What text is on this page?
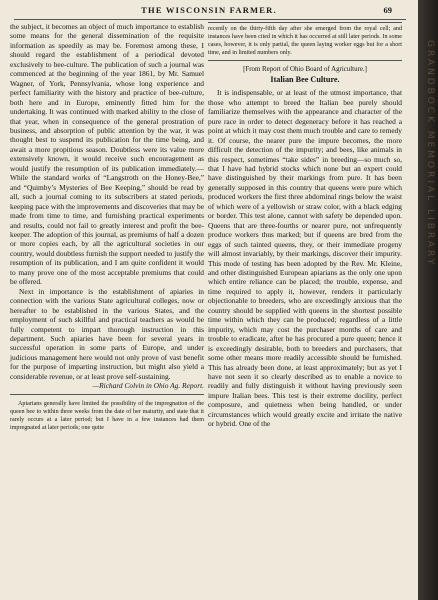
THE WISCONSIN FARMER.	69

the subject, it becomes an object of much importance to establish some means for the general dissemination of the requisite information as speedily as may be. Foremost among these, I should regard the establishment of a periodical devoted exclusively to bee-culture. The publication of such a journal was commenced at the beginning of the year 1861, by Mr. Samuel Wagner, of York, Pennsylvania, whose long experience and perfect familiarity with the history and practice of bee-culture, both here and in Europe, eminently fitted him for the undertaking. It was continued with marked ability to the close of that year, when in consequence of the general prostration of business, and absorption of public attention by the war, it was thought best to suspend its publication for the time being, and await a more propitious season. Doubtless were its value more extensively known, it would receive such encouragement as would justify the resumption of its publication immediately.—While the standard works of “Langstroth on the Honey-Bee,” and “Quimby’s Mysteries of Bee Keeping,” should be read by all, such a journal coming to its subscribers at stated periods, keeping pace with the improvements and discoveries that may be made from time to time, and furnishing practical experiments and results, could not fail to greatly interest and profit the bee-keeper. The adoption of this journal, as premiums of half a dozen or more copies each, by all the agricultural societies in our country, would doubtless furnish the support needed to justify the resumption of its publication, and I am quite confident it would to many prove one of the most acceptable premiums that could be offered.

Next in importance is the establishment of apiaries in connection with the various State agricultural colleges, now or hereafter to be established in the various States, and the employment of such skillful and practical teachers as would be fully competent to impart thorough instruction in this department. Such apiaries have been for several years in successful operation in some parts of Europe, and under judicious management here would not only prove of vast benefit for the purpose of imparting instruction, but might also yield a considerable revenue, or at least prove self-sustaining.

—Richard Colvin in Ohio Ag. Report.

Apiarians generally have limited the possibility of the impregnation of the queen bee to within three weeks from the date of her maturity, and state that it rarely occurs at a later period; but I have in a few instances had them impregnated at later periods; one quite

recently on the thirty-fifth day after she emerged from the royal cell; and instances have been cited in which it has occurred at still later periods. In some cases, however, it is only partial, the queen laying worker eggs but for a short time, and in limited numbers only.

[From Report of Ohio Board of Agriculture.]
Italian Bee Culture.

It is indispensable, or at least of the utmost importance, that those who attempt to breed the Italian bee purely should familiarize themselves with the appearance and character of the pure race in order to detect degeneracy before it has reached a point at which it may cost them much trouble and care to remedy it. Of course, the nearer pure the impure becomes, the more difficult the detection of the impurity; and bees, like animals in this respect, sometimes “take sides” in breeding—so much so, that I have had hybrid stocks which none but an expert could have distinguished by their markings from pure. It has been generally supposed in this country that queens were pure which produced workers the first three abdominal rings below the waist of which were of a yellowish or straw color, with a black edging or border. This test alone, cannot with safety be depended upon. Queens that are three-fourths or nearer pure, not unfrequently produce workers thus marked; but if queens are bred from the eggs of such tainted queens, they, or their immediate progeny will almost invariably, by their markings, discover their impurity. This mode of testing has been adopted by the Rev. Mr. Kleine, and other distinguished European apiarians as the only one upon which entire reliance can be placed; the trouble, expense, and time required to apply it, however, renders it particularly objectionable to breeders, who are exceedingly anxious that the country should be supplied with queens in the shortest possible time within which they can be produced; regardless of a little impurity, which may cost the purchaser months of care and trouble to eradicate, after he has procured a pure queen; hence it is exceedingly desirable, both to breeders and purchasers, that some other means more readily accessible should be furnished. This has already been done, at least approximately; but as yet I have not seen it so clearly described as to enable a novice to readily and fully distinguish it without having previously seen impure Italian bees. This test is their extreme docility, perfect composure, and quietness when being handled, or under circumstances which would greatly excite and irritate the native or hybrid. One of the

GRANDBOCK MEMORIAL LIBRARY
